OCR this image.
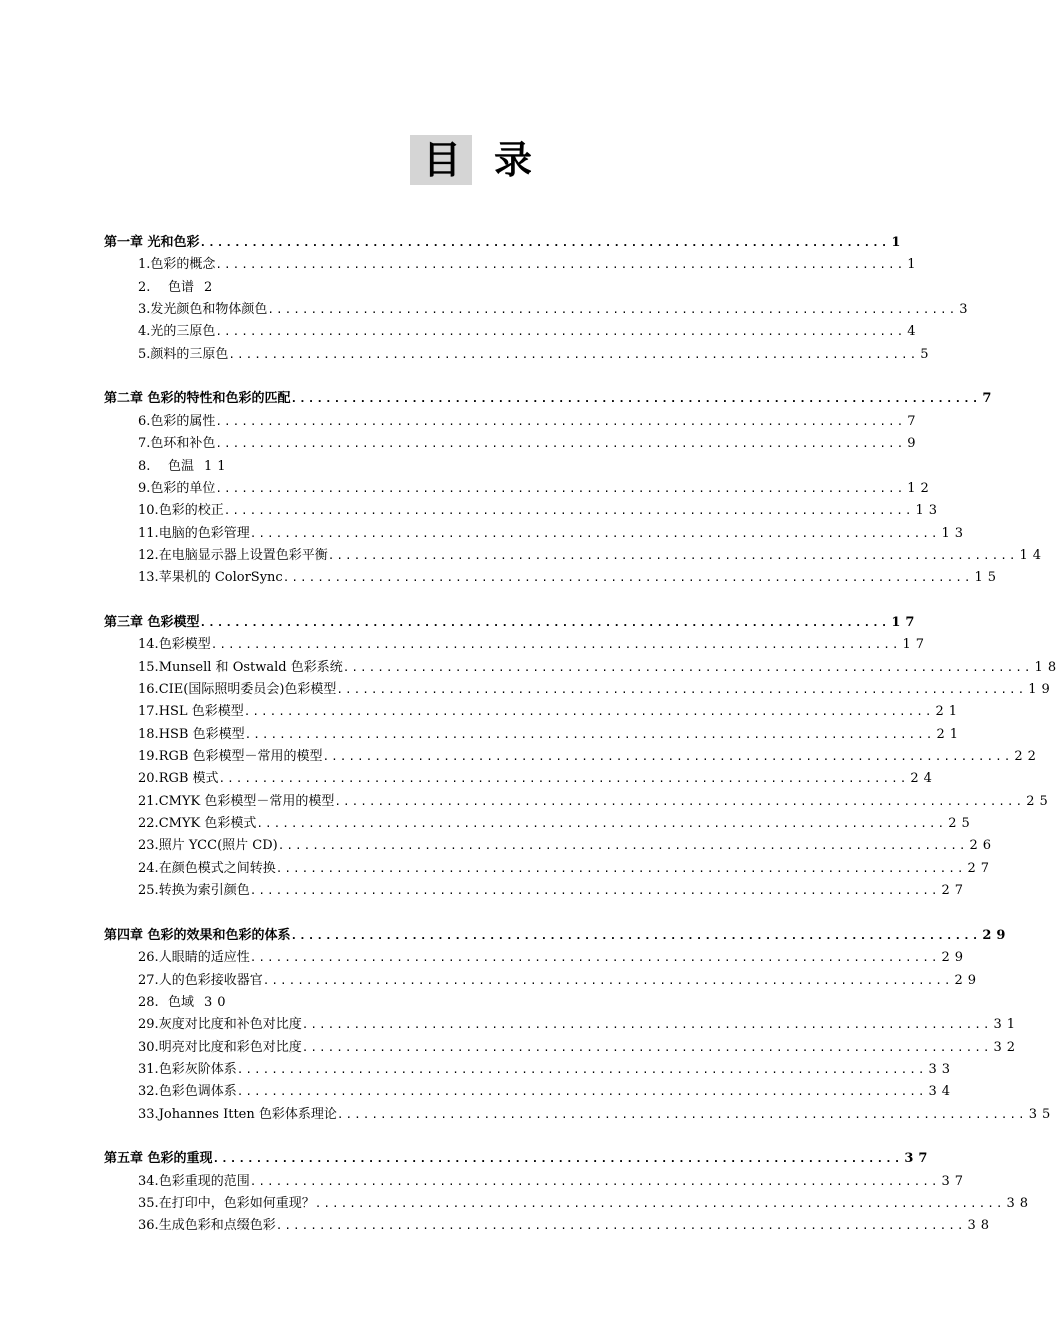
目 录
第一章 光和色彩 ................................................................................ 1
1. 色彩的概念 ................................................................................ 1
2.	色谱 2
3. 发光颜色和物体颜色 ................................................................................ 3
4. 光的三原色 ................................................................................ 4
5. 颜料的三原色 ................................................................................ 5
第二章 色彩的特性和色彩的匹配 ................................................................................ 7
6. 色彩的属性 ................................................................................ 7
7. 色环和补色 ................................................................................ 9
8.	色温 11
9. 色彩的单位 ................................................................................ 12
10. 色彩的校正 ................................................................................ 13
11. 电脑的色彩管理 ................................................................................ 13
12. 在电脑显示器上设置色彩平衡 ................................................................................ 14
13. 苹果机的 ColorSync ................................................................................ 15
第三章 色彩模型 ................................................................................ 17
14. 色彩模型 ................................................................................ 17
15. Munsell 和 Ostwald 色彩系统 ................................................................................ 18
16. CIE(国际照明委员会)色彩模型 ................................................................................ 19
17. HSL 色彩模型 ................................................................................ 21
18. HSB 色彩模型 ................................................................................ 21
19. RGB 色彩模型－常用的模型 ................................................................................ 22
20. RGB 模式 ................................................................................ 24
21. CMYK 色彩模型－常用的模型 ................................................................................ 25
22. CMYK 色彩模式 ................................................................................ 25
23. 照片 YCC(照片 CD) ................................................................................ 26
24. 在颜色模式之间转换 ................................................................................ 27
25. 转换为索引颜色 ................................................................................ 27
第四章 色彩的效果和色彩的体系 ................................................................................ 29
26. 人眼睛的适应性 ................................................................................ 29
27. 人的色彩接收器官 ................................................................................ 29
28. 色域 30
29. 灰度对比度和补色对比度 ................................................................................ 31
30. 明亮对比度和彩色对比度 ................................................................................ 32
31. 色彩灰阶体系 ................................................................................ 33
32. 色彩色调体系 ................................................................................ 34
33. Johannes Itten 色彩体系理论 ................................................................................ 35
第五章 色彩的重现 ................................................................................ 37
34. 色彩重现的范围 ................................................................................ 37
35. 在打印中，色彩如何重现？ ................................................................................ 38
36. 生成色彩和点缀色彩 ................................................................................ 38
